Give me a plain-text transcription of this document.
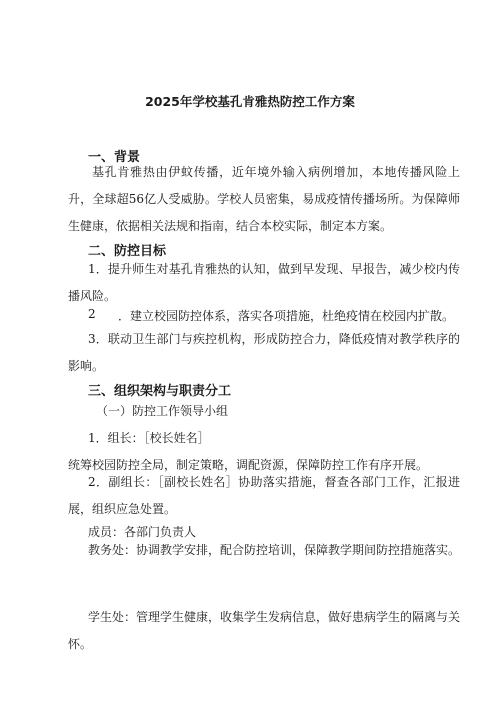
2025年学校基孔肯雅热防控工作方案
一、背景
基孔肯雅热由伊蚊传播，近年境外输入病例增加，本地传播风险上升，全球超56亿人受威胁。学校人员密集，易成疫情传播场所。为保障师生健康，依据相关法规和指南，结合本校实际，制定本方案。
二、防控目标
1．提升师生对基孔肯雅热的认知，做到早发现、早报告，减少校内传播风险。
2 ．建立校园防控体系，落实各项措施，杜绝疫情在校园内扩散。
3．联动卫生部门与疾控机构，形成防控合力，降低疫情对教学秩序的影响。
三、组织架构与职责分工
（一）防控工作领导小组
1．组长：［校长姓名］
统筹校园防控全局，制定策略，调配资源，保障防控工作有序开展。
2．副组长：［副校长姓名］协助落实措施，督查各部门工作，汇报进展，组织应急处置。
成员：各部门负责人
教务处：协调教学安排，配合防控培训，保障教学期间防控措施落实。
学生处：管理学生健康，收集学生发病信息，做好患病学生的隔离与关怀。
